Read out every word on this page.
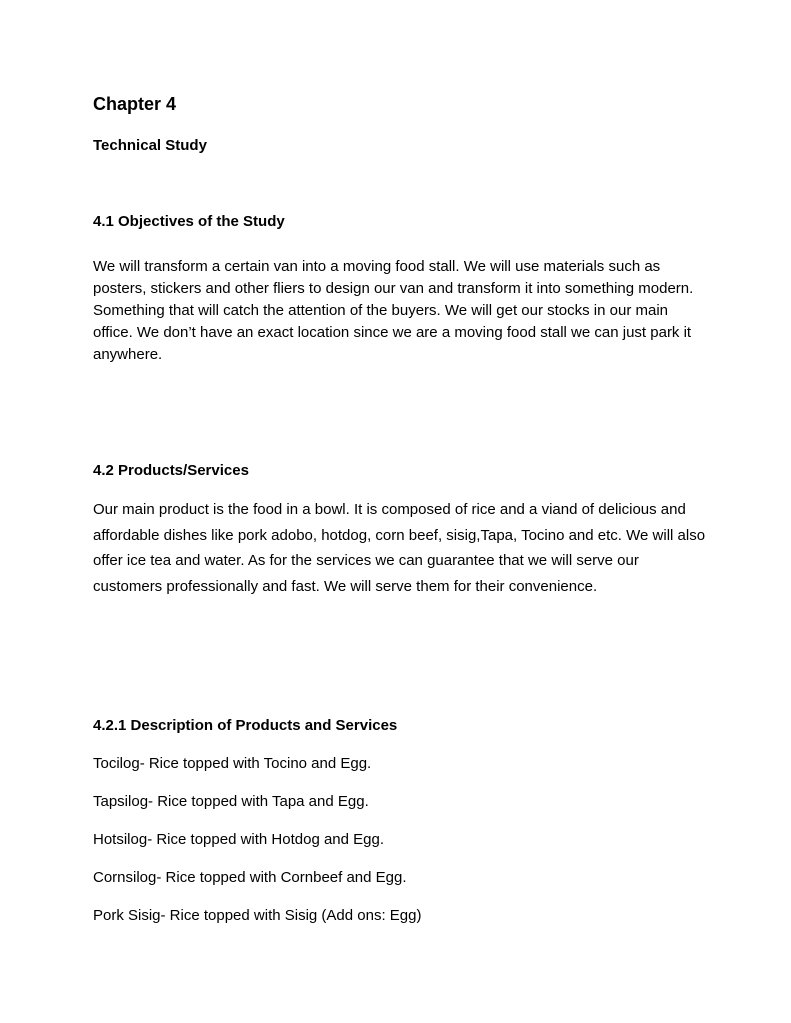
Chapter 4
Technical Study
4.1 Objectives of the Study

We will transform a certain van into a moving food stall. We will use materials such as posters, stickers and other fliers to design our van and transform it into something modern. Something that will catch the attention of the buyers. We will get our stocks in our main office. We don’t have an exact location since we are a moving food stall we can just park it anywhere.

4.2 Products/Services

Our main product is the food in a bowl. It is composed of rice and a viand of delicious and affordable dishes like pork adobo, hotdog, corn beef, sisig,Tapa, Tocino and etc. We will also offer ice tea and water. As for the services we can guarantee that we will serve our customers professionally and fast. We will serve them for their convenience.

4.2.1 Description of Products and Services

Tocilog- Rice topped with Tocino and Egg.

Tapsilog- Rice topped with Tapa and Egg.

Hotsilog- Rice topped with Hotdog and Egg.

Cornsilog- Rice topped with Cornbeef and Egg.

Pork Sisig- Rice topped with Sisig (Add ons: Egg)
